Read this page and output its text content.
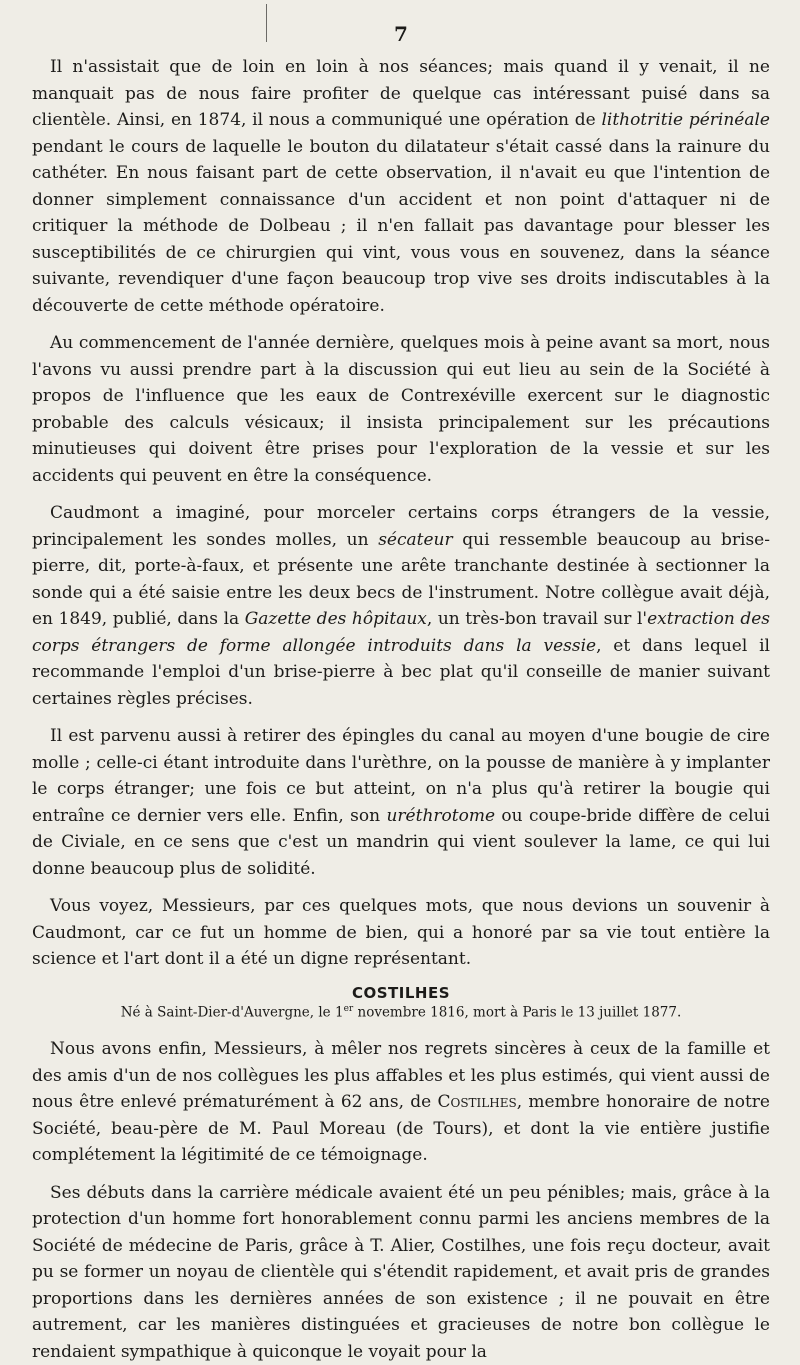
7

Il n'assistait que de loin en loin à nos séances; mais quand il y venait, il ne manquait pas de nous faire profiter de quelque cas intéressant puisé dans sa clientèle. Ainsi, en 1874, il nous a communiqué une opération de lithotritie périnéale pendant le cours de laquelle le bouton du dilatateur s'était cassé dans la rainure du cathéter. En nous faisant part de cette observation, il n'avait eu que l'intention de donner simplement connaissance d'un accident et non point d'attaquer ni de critiquer la méthode de Dolbeau ; il n'en fallait pas davantage pour blesser les susceptibilités de ce chirurgien qui vint, vous vous en souvenez, dans la séance suivante, revendiquer d'une façon beaucoup trop vive ses droits indiscutables à la découverte de cette méthode opératoire.

Au commencement de l'année dernière, quelques mois à peine avant sa mort, nous l'avons vu aussi prendre part à la discussion qui eut lieu au sein de la Société à propos de l'influence que les eaux de Contrexéville exercent sur le diagnostic probable des calculs vésicaux; il insista principalement sur les précautions minutieuses qui doivent être prises pour l'exploration de la vessie et sur les accidents qui peuvent en être la conséquence.

Caudmont a imaginé, pour morceler certains corps étrangers de la vessie, principalement les sondes molles, un sécateur qui ressemble beaucoup au brise-pierre, dit, porte-à-faux, et présente une arête tranchante destinée à sectionner la sonde qui a été saisie entre les deux becs de l'instrument. Notre collègue avait déjà, en 1849, publié, dans la Gazette des hôpitaux, un très-bon travail sur l'extraction des corps étrangers de forme allongée introduits dans la vessie, et dans lequel il recommande l'emploi d'un brise-pierre à bec plat qu'il conseille de manier suivant certaines règles précises.

Il est parvenu aussi à retirer des épingles du canal au moyen d'une bougie de cire molle ; celle-ci étant introduite dans l'urèthre, on la pousse de manière à y implanter le corps étranger; une fois ce but atteint, on n'a plus qu'à retirer la bougie qui entraîne ce dernier vers elle. Enfin, son uréthrotome ou coupe-bride diffère de celui de Civiale, en ce sens que c'est un mandrin qui vient soulever la lame, ce qui lui donne beaucoup plus de solidité.

Vous voyez, Messieurs, par ces quelques mots, que nous devions un souvenir à Caudmont, car ce fut un homme de bien, qui a honoré par sa vie tout entière la science et l'art dont il a été un digne représentant.

COSTILHES
Né à Saint-Dier-d'Auvergne, le 1er novembre 1816, mort à Paris le 13 juillet 1877.

Nous avons enfin, Messieurs, à mêler nos regrets sincères à ceux de la famille et des amis d'un de nos collègues les plus affables et les plus estimés, qui vient aussi de nous être enlevé prématurément à 62 ans, de Costilhes, membre honoraire de notre Société, beau-père de M. Paul Moreau (de Tours), et dont la vie entière justifie complétement la légitimité de ce témoignage.

Ses débuts dans la carrière médicale avaient été un peu pénibles; mais, grâce à la protection d'un homme fort honorablement connu parmi les anciens membres de la Société de médecine de Paris, grâce à T. Alier, Costilhes, une fois reçu docteur, avait pu se former un noyau de clientèle qui s'étendit rapidement, et avait pris de grandes proportions dans les dernières années de son existence ; il ne pouvait en être autrement, car les manières distinguées et gracieuses de notre bon collègue le rendaient sympathique à quiconque le voyait pour la
